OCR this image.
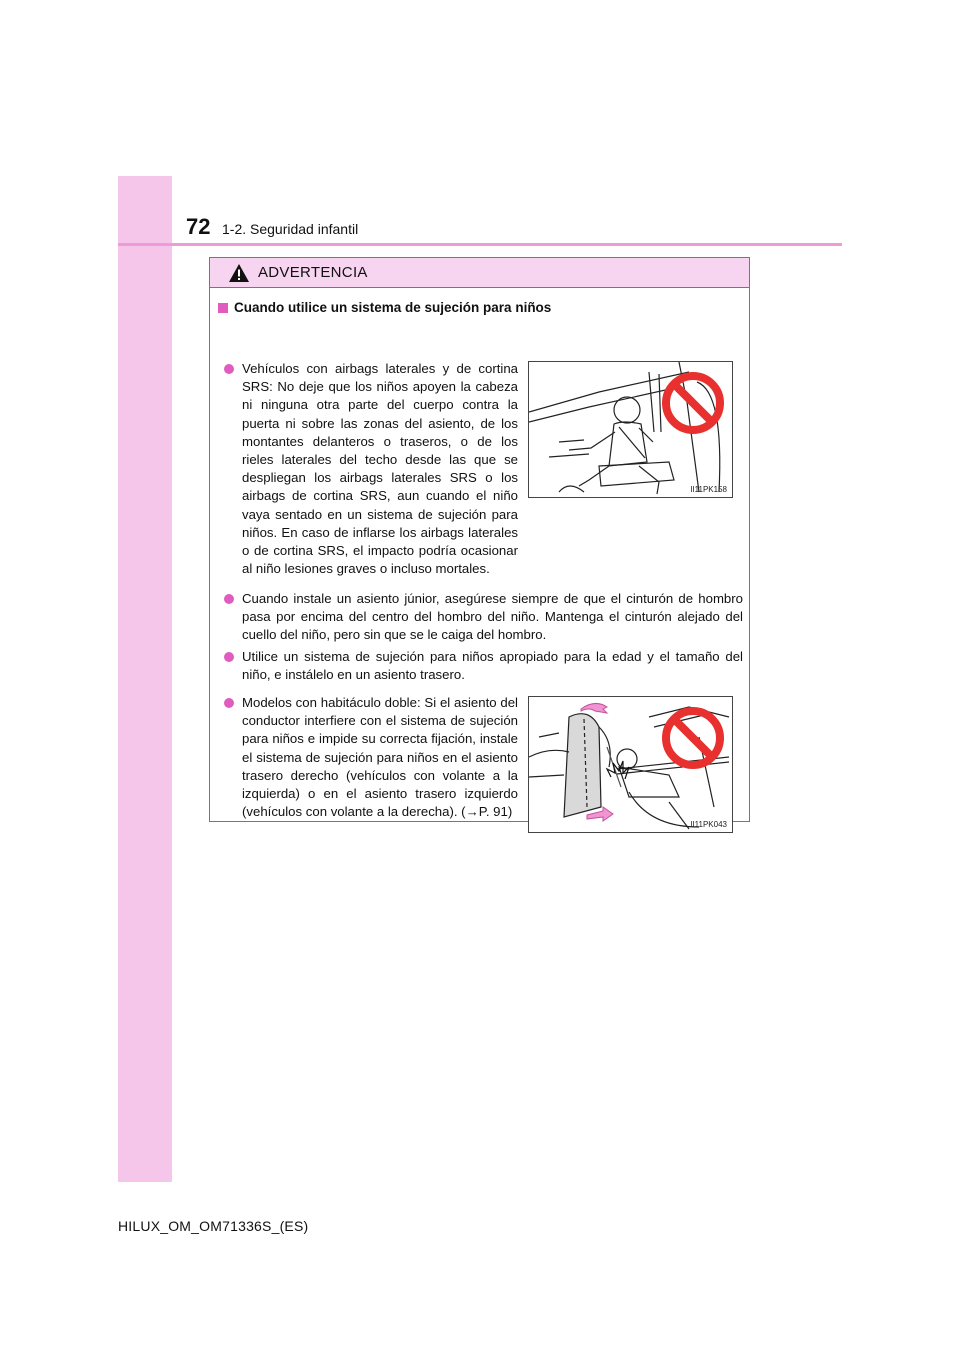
72 1-2. Seguridad infantil
ADVERTENCIA
Cuando utilice un sistema de sujeción para niños
Vehículos con airbags laterales y de cortina SRS: No deje que los niños apoyen la cabeza ni ninguna otra parte del cuerpo contra la puerta ni sobre las zonas del asiento, de los montantes delanteros o traseros, o de los rieles laterales del techo desde las que se despliegan los airbags laterales SRS o los airbags de cortina SRS, aun cuando el niño vaya sentado en un sistema de sujeción para niños. En caso de inflarse los airbags laterales o de cortina SRS, el impacto podría ocasionar al niño lesiones graves o incluso mortales.
II11PK158
Cuando instale un asiento júnior, asegúrese siempre de que el cinturón de hombro pasa por encima del centro del hombro del niño. Mantenga el cinturón alejado del cuello del niño, pero sin que se le caiga del hombro.
Utilice un sistema de sujeción para niños apropiado para la edad y el tamaño del niño, e instálelo en un asiento trasero.
Modelos con habitáculo doble: Si el asiento del conductor interfiere con el sistema de sujeción para niños e impide su correcta fijación, instale el sistema de sujeción para niños en el asiento trasero derecho (vehículos con volante a la izquierda) o en el asiento trasero izquierdo (vehículos con volante a la derecha). (→P. 91)
II11PK043
HILUX_OM_OM71336S_(ES)
